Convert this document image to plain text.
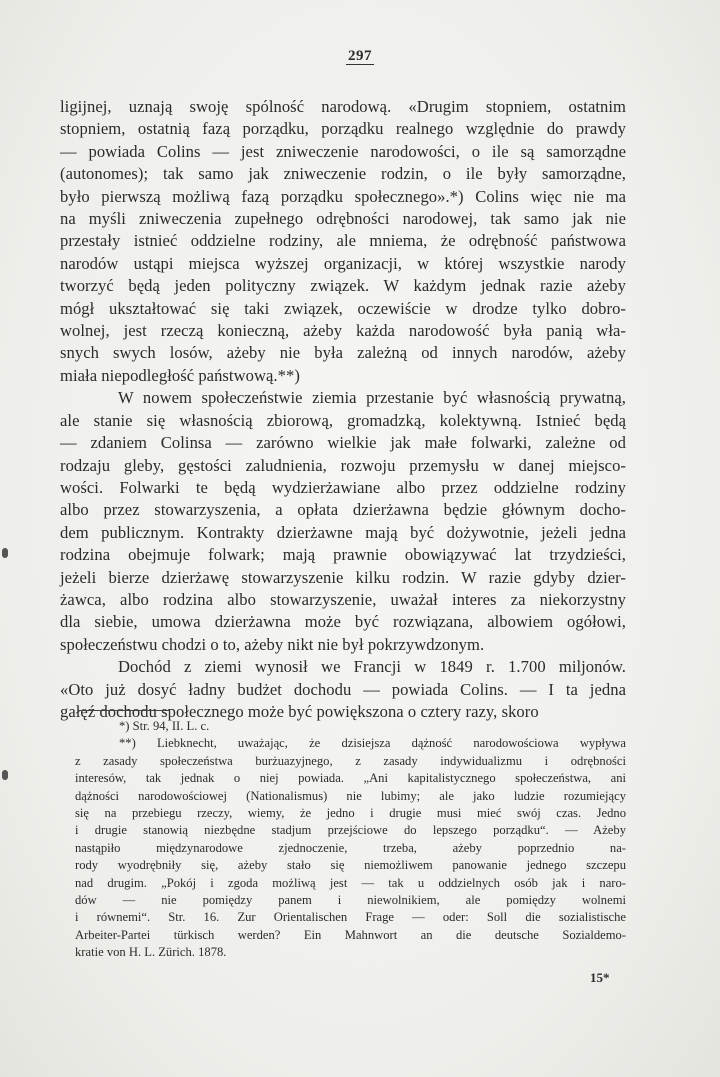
297

ligijnej, uznają swoję spólność narodową. «Drugim stopniem, ostatnim
stopniem, ostatnią fazą porządku, porządku realnego względnie do prawdy
— powiada Colins — jest zniweczenie narodowości, o ile są samorządne
(autonomes); tak samo jak zniweczenie rodzin, o ile były samorządne,
było pierwszą możliwą fazą porządku społecznego».*) Colins więc nie ma
na myśli zniweczenia zupełnego odrębności narodowej, tak samo jak nie
przestały istnieć oddzielne rodziny, ale mniema, że odrębność państwowa
narodów ustąpi miejsca wyższej organizacji, w której wszystkie narody
tworzyć będą jeden polityczny związek. W każdym jednak razie ażeby
mógł ukształtować się taki związek, oczewiście w drodze tylko dobro-
wolnej, jest rzeczą konieczną, ażeby każda narodowość była panią wła-
snych swych losów, ażeby nie była zależną od innych narodów, ażeby
miała niepodległość państwową.**)

W nowem społeczeństwie ziemia przestanie być własnością prywatną,
ale stanie się własnością zbiorową, gromadzką, kolektywną. Istnieć będą
— zdaniem Colinsa — zarówno wielkie jak małe folwarki, zależne od
rodzaju gleby, gęstości zaludnienia, rozwoju przemysłu w danej miejsco-
wości. Folwarki te będą wydzierżawiane albo przez oddzielne rodziny
albo przez stowarzyszenia, a opłata dzierżawna będzie głównym docho-
dem publicznym. Kontrakty dzierżawne mają być dożywotnie, jeżeli jedna
rodzina obejmuje folwark; mają prawnie obowiązywać lat trzydzieści,
jeżeli bierze dzierżawę stowarzyszenie kilku rodzin. W razie gdyby dzier-
żawca, albo rodzina albo stowarzyszenie, uważał interes za niekorzystny
dla siebie, umowa dzierżawna może być rozwiązana, albowiem ogółowi,
społeczeństwu chodzi o to, ażeby nikt nie był pokrzywdzonym.

Dochód z ziemi wynosił we Francji w 1849 r. 1.700 miljonów.
«Oto już dosyć ładny budżet dochodu — powiada Colins. — I ta jedna
gałęź dochodu społecznego może być powiększona o cztery razy, skoro

*) Str. 94, II. L. c.
**) Liebknecht, uważając, że dzisiejsza dążność narodowościowa wypływa
z zasady społeczeństwa burżuazyjnego, z zasady indywidualizmu i odrębności
interesów, tak jednak o niej powiada. „Ani kapitalistycznego społeczeństwa, ani
dążności narodowościowej (Nationalismus) nie lubimy; ale jako ludzie rozumiejący
się na przebiegu rzeczy, wiemy, że jedno i drugie musi mieć swój czas. Jedno
i drugie stanowią niezbędne stadjum przejściowe do lepszego porządku“. — Ażeby
nastąpiło międzynarodowe zjednoczenie, trzeba, ażeby poprzednio na-
rody wyodrębniły się, ażeby stało się niemożliwem panowanie jednego szczepu
nad drugim. „Pokój i zgoda możliwą jest — tak u oddzielnych osób jak i naro-
dów — nie pomiędzy panem i niewolnikiem, ale pomiędzy wolnemi
i równemi“. Str. 16. Zur Orientalischen Frage — oder: Soll die sozialistische
Arbeiter-Partei türkisch werden? Ein Mahnwort an die deutsche Sozialdemo-
kratie von H. L. Zürich. 1878.
15*
